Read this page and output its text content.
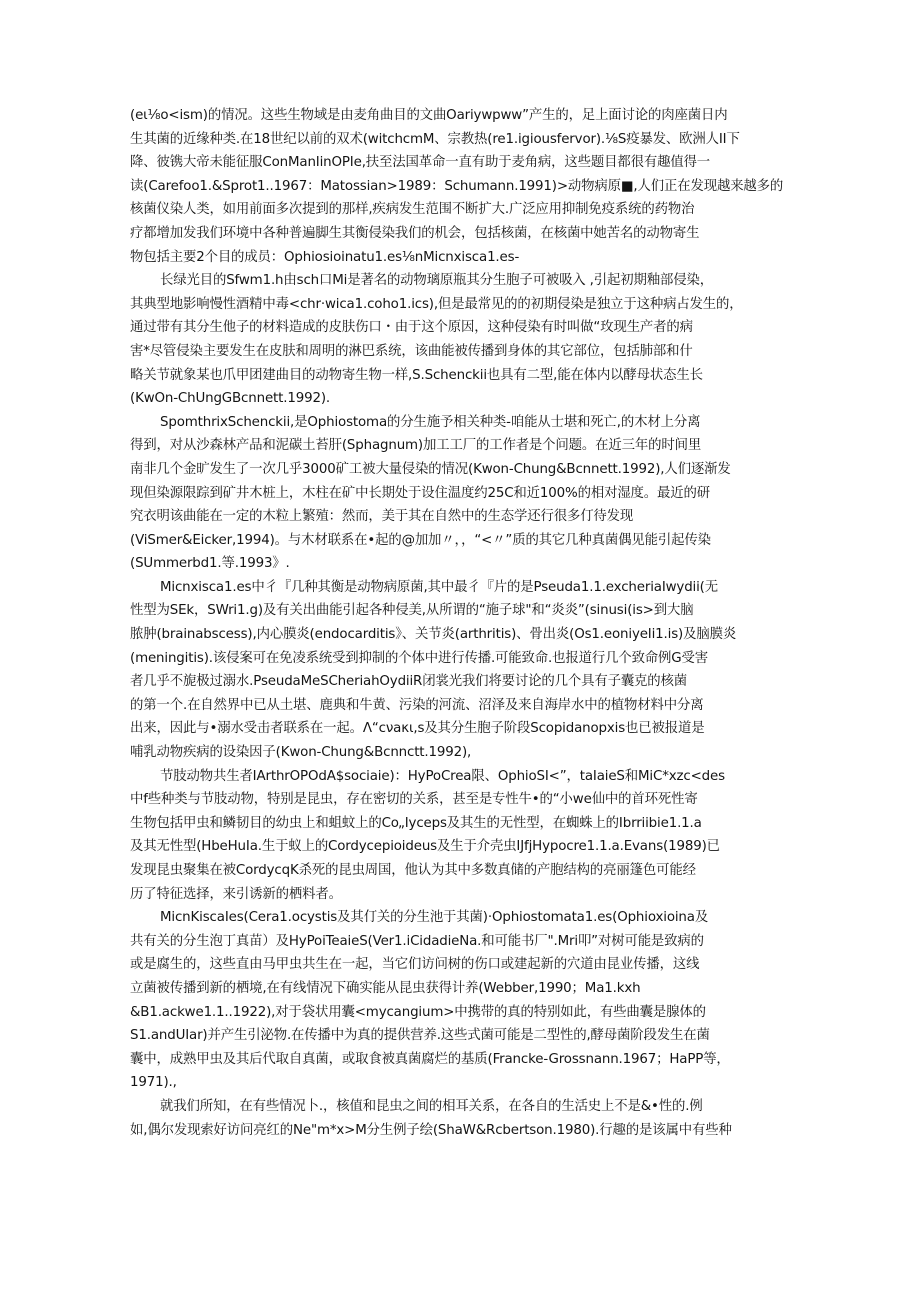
(eι⅛o<ism)的情况。这些生物域是由麦角曲目的文曲Oariywpww”产生的，足上面讨论的肉座菌日内
生其菌的近缘种类.在18世纪以前的双术(witchcmM、宗教热(re1.igiousfervor).⅛S疫暴发、欧洲人II下
降、彼镌大帝未能征服ConManIinOPIe,扶至法国革命一直有助于麦角病，这些题目都很有趣值得一
读(Carefoo1.&Sprot1..1967：Matossian>1989：Schumann.1991)>动物病原■,人们正在发现越来越多的
核菌仪染人类，如用前面多次提到的那样,疾病发生范围不断扩大.广泛应用抑制免疫系统的药物治
疗都增加发我们环境中各种普遍脚生其衡侵染我们的机会，包括核菌，在核菌中她苦名的动物寄生
物包括主要2个目的成员：Ophiosioinatu1.es⅛nMicnxisca1.es-

长绿光目的Sfwm1.h由sch口Mi是著名的动物璃原瓶其分生胞子可被吸入 ,引起初期釉部侵染，
其典型地影响慢性酒精中毒<chr·wica1.coho1.ics),但是最常见的的初期侵染是独立于这种病占发生的，
通过带有其分生他子的材料造成的皮肤伤口・由于这个原因，这种侵染有时叫做“玫现生产者的病
害*尽管侵染主要发生在皮肤和周明的淋巴系统，该曲能被传播到身体的其它部位，包括肺部和什
略关节就象某也爪甲团建曲目的动物寄生物一样,S.Schenckii也具有二型,能在体内以酵母状态生长
(KwOn-ChUngGBcnnett.1992).

SpomthrixSchenckii,是Ophiostoma的分生施予相关种类-咱能从士堪和死亡,的木材上分离
得到，对从沙森林产品和泥碳土苔肝(Sphagnum)加工工厂的工作者是个问题。在近三年的时间里
南非几个金旷发生了一次几乎3000矿工被大量侵染的情况(Kwon-Chung&Bcnnett.1992),人们逐渐发
现但染源限踪到矿井木桩上，木柱在矿中长期处于设住温度约25C和近100%的相对湿度。最近的研
究衣明该曲能在一定的木粒上繁殖：然而，美于其在自然中的生态学还行很多仃待发现
(ViSmer&Eicker,1994)。与木材联系在•起的@加加〃，，“<〃”质的其它几种真菌偶见能引起传染
(SUmmerbd1.等.1993》.

Micnxisca1.es中彳『几种其衡是动物病原菌,其中最彳『片的是Pseuda1.1.excheriaIwydii(无
性型为SEk，SWri1.g)及有关出曲能引起各种侵美,从所谓的“施子球"和“炎炎”(sinusi(is>到大脑
脓肿(brainabscess),内心膜炎(endocarditis》、关节炎(arthritis)、骨出炎(Os1.eoniyeIi1.is)及脑膜炎
(meningitis).该侵案可在免凌系统受到抑制的个体中进行传播.可能致命.也报道行几个致命例G受害
者几乎不旎极过溺水.PseudaMeSCheriahOydiiR闭裳光我们将要讨论的几个具有子囊克的核菌
的第一个.在自然界中已从土堪、鹿典和牛黄、污染的河流、沼泽及来自海岸水中的植物材料中分离
出来，因此与•溺水受击者联系在一起。Λ“cνaκι,s及其分生胞子阶段Scopidanopxis也已被报道是
哺乳动物疾病的设染因子(Kwon-Chung&Bcnnctt.1992),

节肢动物共生者IArthrOPOdA$sociaie)：HyPoCrea限、OphioSI<”，taIaieS和MiC*xzc<des
中f些种类与节肢动物，特别是昆虫，存在密切的关系，甚至是专性牛•的“小we仙中的首环死性寄
生物包括甲虫和鳞韧目的幼虫上和蛆蚊上的Co„Iyceps及其生的无性型，在蜘蛛上的Ibrriibie1.1.a
及其无性型(HbeHuIa.生于蚁上的Cordycepioideus及生于介壳虫IJfjHypocre1.1.a.Evans(1989)已
发现昆虫聚集在被CordycqK杀死的昆虫周国，他认为其中多数真储的产胞结构的亮丽篷色可能经
历了特征选择，来引诱新的栖料者。

MicnKiscaIes(Cera1.ocystis及其仃关的分生池于其菌)·Ophiostomata1.es(Ophioxioina及
共有关的分生泡丁真苗）及HyPoiTeaieS(Ver1.iCidadieNa.和可能书厂".Mri叩”对树可能是致病的
或是腐生的，这些直由马甲虫共生在一起，当它们访问树的伤口或建起新的穴道由昆业传播，这线
立菌被传播到新的栖境,在有线情况下确实能从昆虫获得计养(Webber,1990；Ma1.kxh
&B1.ackwe1.1..1922),对于袋状用囊<mycangium>中携带的真的特别如此，有些曲囊是腺体的
S1.andUIar)并产生引泌物.在传播中为真的提供营养.这些式菌可能是二型性的,酵母菌阶段发生在菌
囊中，成熟甲虫及其后代取自真菌，或取食被真菌腐烂的基质(Francke-Grossnann.1967；HaPP等，
1971).,

就我们所知，在有些情况卜.，核值和昆虫之间的相耳关系，在各自的生活史上不是&•性的.例
如,偶尔发现索好访问亮红的Ne"m*x>M分生例子绘(ShaW&Rcbertson.1980).行趣的是该属中有些种
